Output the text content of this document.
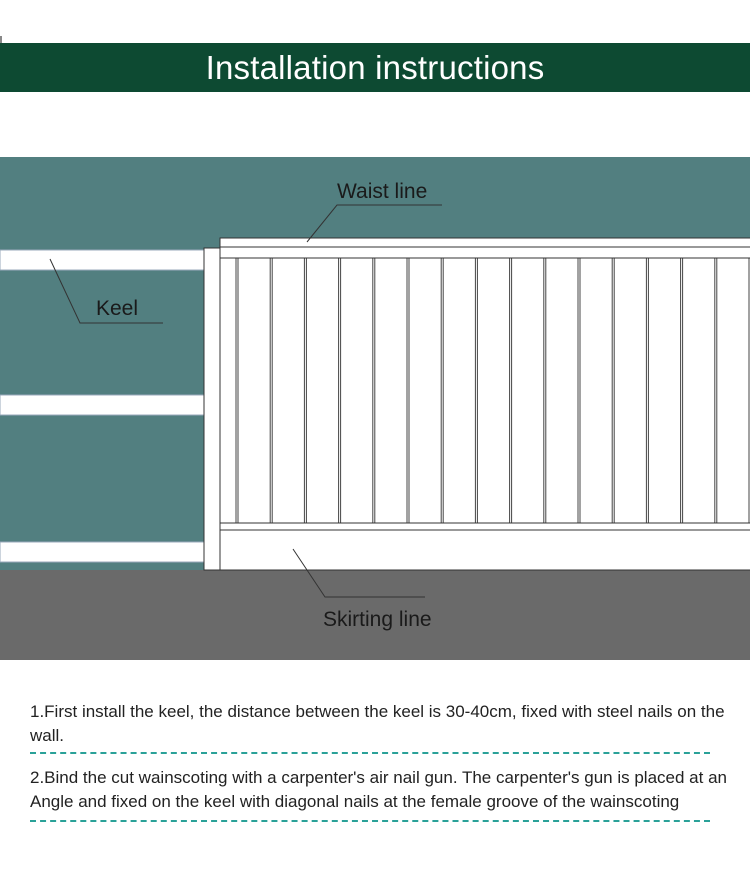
Installation instructions
Waist line
Keel
Skirting line
1.First install the keel, the distance between the keel is 30-40cm, fixed with steel nails on the wall.
2.Bind the cut wainscoting with a carpenter's air nail gun. The carpenter's gun is placed at an Angle and fixed on the keel with diagonal nails at the female groove of the wainscoting
